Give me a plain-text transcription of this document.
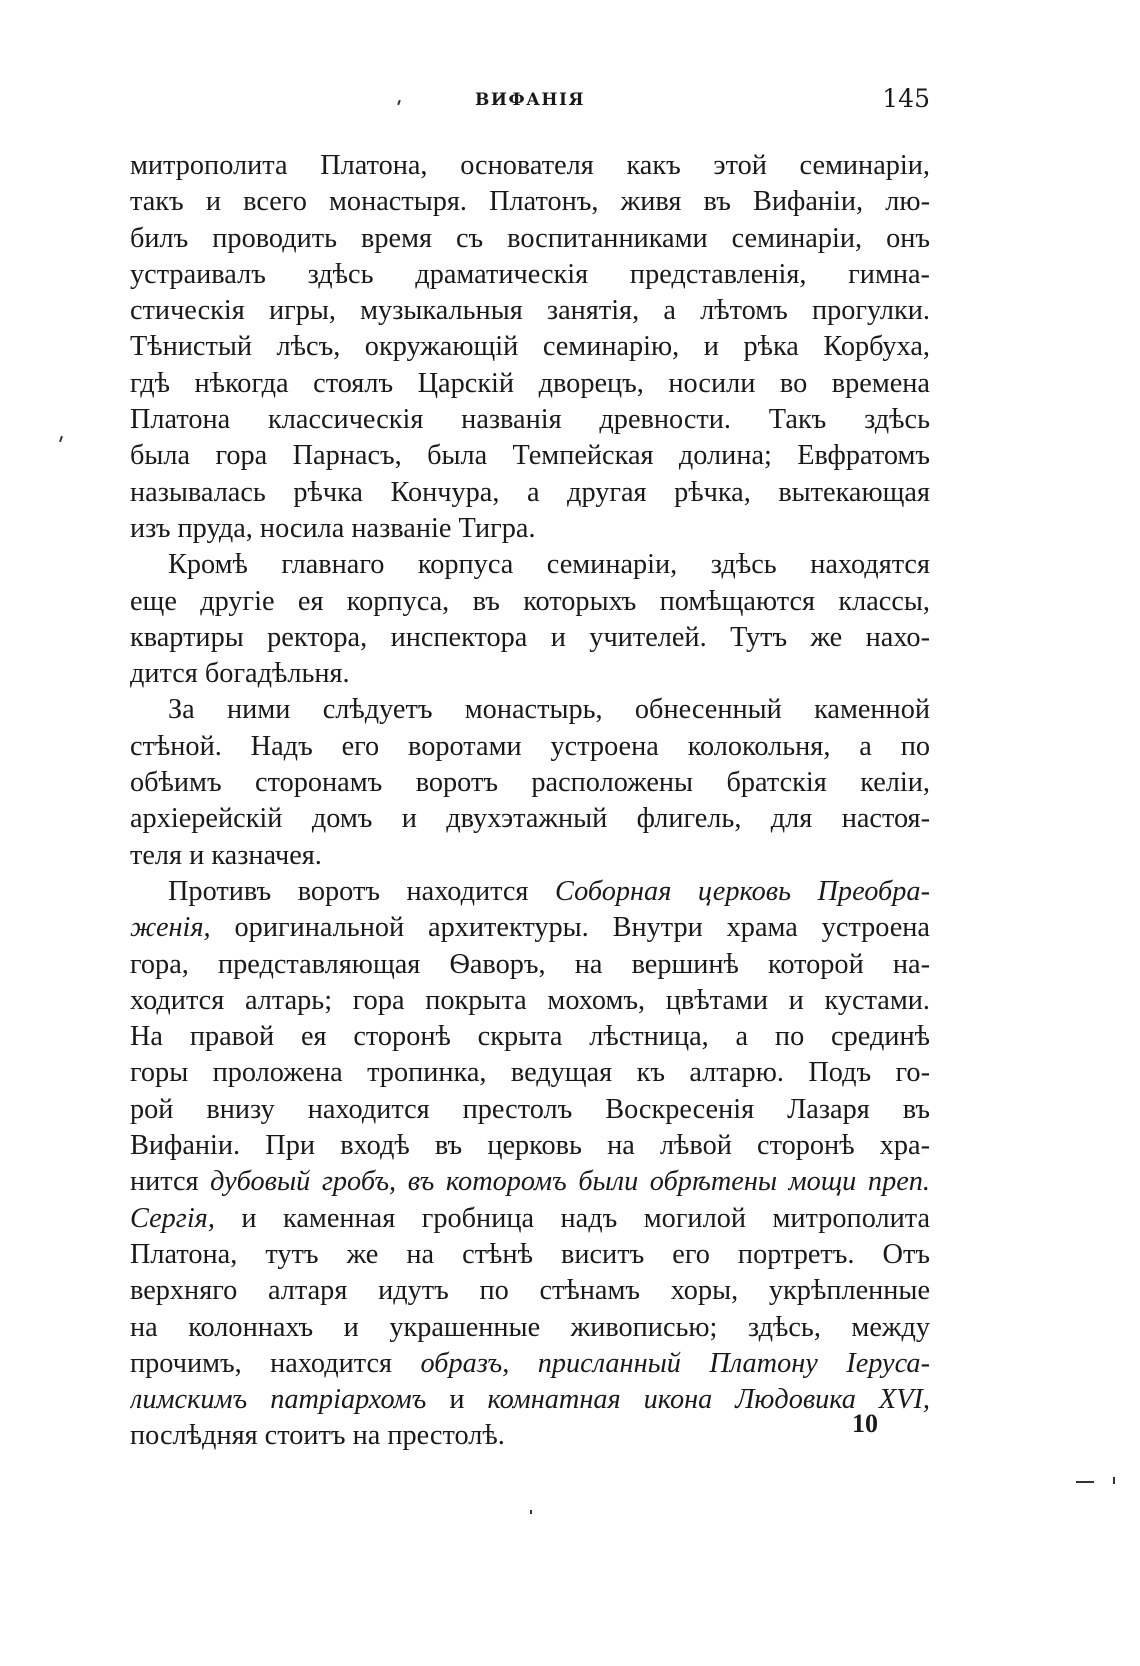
ВИФАНІЯ	145
митрополита Платона, основателя какъ этой семинаріи,
такъ и всего монастыря. Платонъ, живя въ Вифаніи, лю-
билъ проводить время съ воспитанниками семинаріи, онъ
устраивалъ здѣсь драматическія представленія, гимна-
стическія игры, музыкальныя занятія, а лѣтомъ прогулки.
Тѣнистый лѣсъ, окружающій семинарію, и рѣка Корбуха,
гдѣ нѣкогда стоялъ Царскій дворецъ, носили во времена
Платона классическія названія древности. Такъ здѣсь
была гора Парнасъ, была Темпейская долина; Евфратомъ
называлась рѣчка Кончура, а другая рѣчка, вытекающая
изъ пруда, носила названіе Тигра.
Кромѣ главнаго корпуса семинаріи, здѣсь находятся
еще другіе ея корпуса, въ которыхъ помѣщаются классы,
квартиры ректора, инспектора и учителей. Тутъ же нахо-
дится богадѣльня.
За ними слѣдуетъ монастырь, обнесенный каменной
стѣной. Надъ его воротами устроена колокольня, а по
обѣимъ сторонамъ воротъ расположены братскія келіи,
архіерейскій домъ и двухэтажный флигель, для настоя-
теля и казначея.
Противъ воротъ находится Соборная церковь Преобра-
женія, оригинальной архитектуры. Внутри храма устроена
гора, представляющая Ѳаворъ, на вершинѣ которой на-
ходится алтарь; гора покрыта мохомъ, цвѣтами и кустами.
На правой ея сторонѣ скрыта лѣстница, а по срединѣ
горы проложена тропинка, ведущая къ алтарю. Подъ го-
рой внизу находится престолъ Воскресенія Лазаря въ
Вифаніи. При входѣ въ церковь на лѣвой сторонѣ хра-
нится дубовый гробъ, въ которомъ были обрѣтены мощи преп.
Сергія, и каменная гробница надъ могилой митрополита
Платона, тутъ же на стѣнѣ виситъ его портретъ. Отъ
верхняго алтаря идутъ по стѣнамъ хоры, укрѣпленные
на колоннахъ и украшенные живописью; здѣсь, между
прочимъ, находится образъ, присланный Платону Іеруса-
лимскимъ патріархомъ и комнатная икона Людовика XVI,
послѣдняя стоитъ на престолѣ.	10
